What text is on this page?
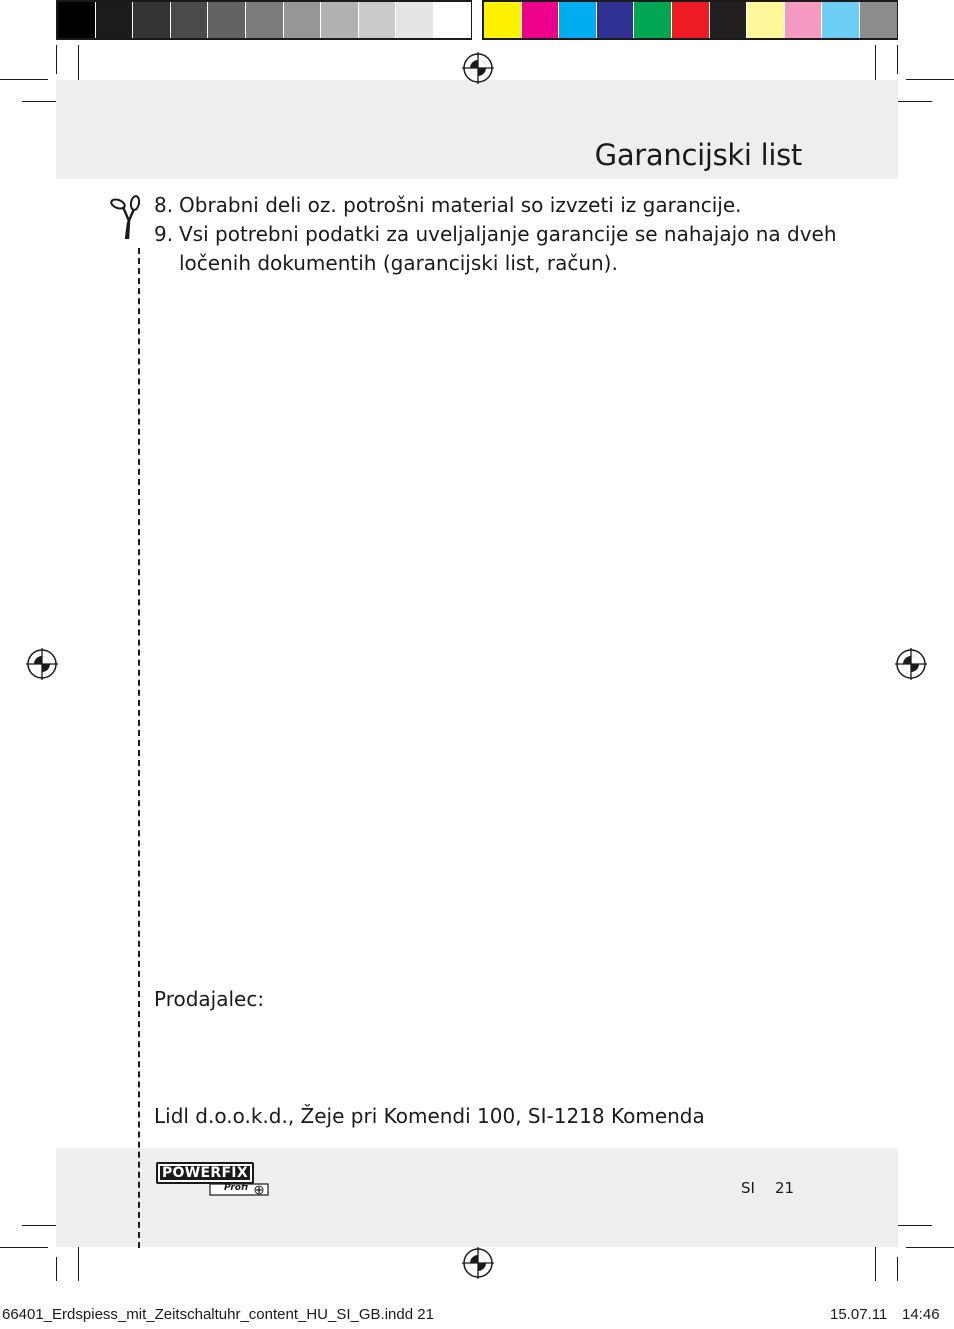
Garancijski list
8. Obrabni deli oz. potrošni material so izvzeti iz garancije.
9. Vsi potrebni podatki za uveljaljanje garancije se nahajajo na dveh
ločenih dokumentih (garancijski list, račun).
Prodajalec:
Lidl d.o.o.k.d., Žeje pri Komendi 100, SI-1218 Komenda
POWERFIX
Profi	SI 21
66401_Erdspiess_mit_Zeitschaltuhr_content_HU_SI_GB.indd 21	15.07.11 14:46
